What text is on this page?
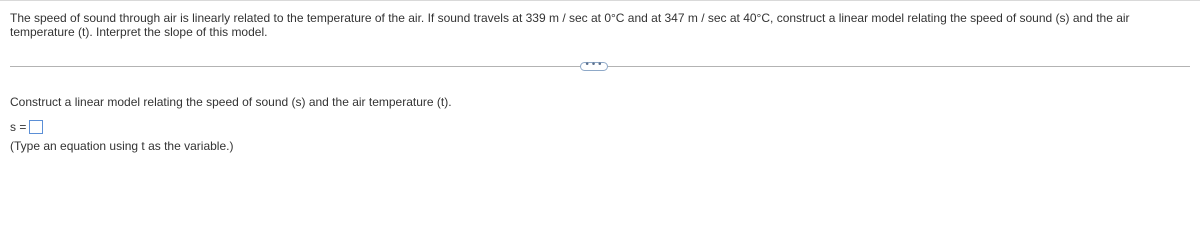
The speed of sound through air is linearly related to the temperature of the air. If sound travels at 339 m / sec at 0°C and at 347 m / sec at 40°C, construct a linear model relating the speed of sound (s) and the air temperature (t). Interpret the slope of this model.
•••
Construct a linear model relating the speed of sound (s) and the air temperature (t).
s =
(Type an equation using t as the variable.)
